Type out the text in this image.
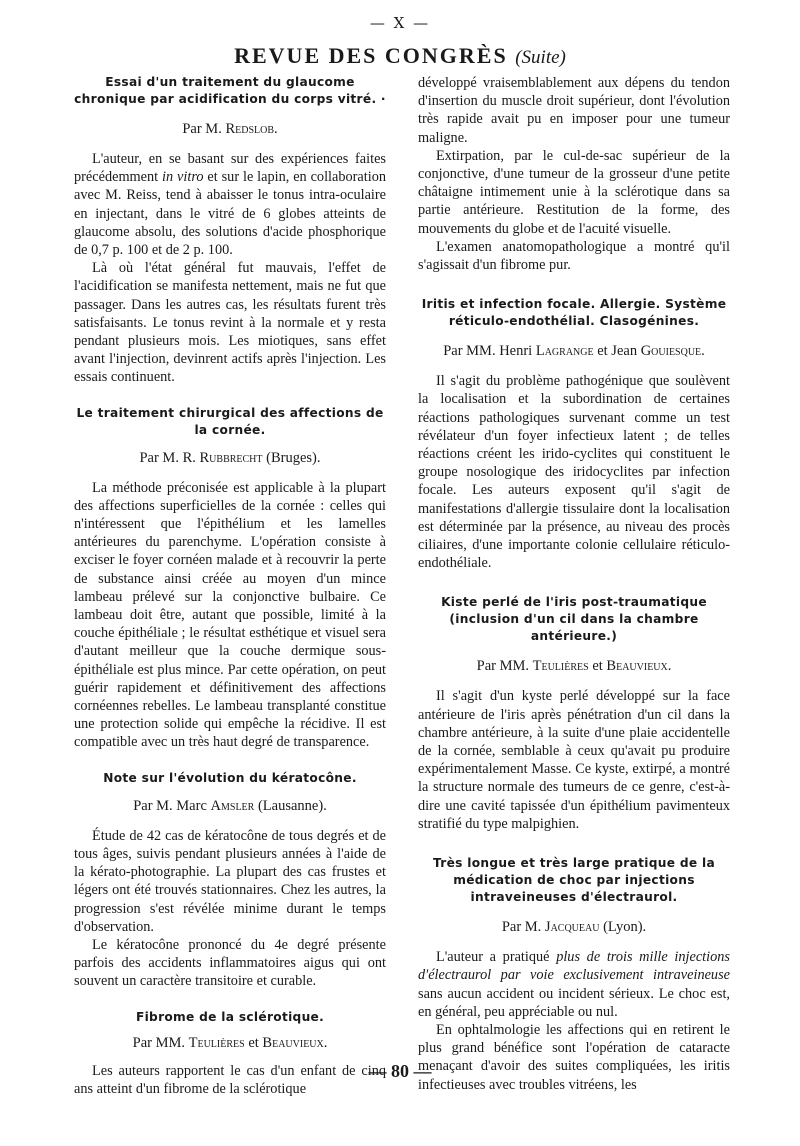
— X —
REVUE DES CONGRÈS (Suite)

Essai d'un traitement du glaucome chronique par acidification du corps vitré. ·

Par M. Redslob.

L'auteur, en se basant sur des expériences faites précédemment in vitro et sur le lapin, en collaboration avec M. Reiss, tend à abaisser le tonus intra-oculaire en injectant, dans le vitré de 6 globes atteints de glaucome absolu, des solutions d'acide phosphorique de 0,7 p. 100 et de 2 p. 100.

Là où l'état général fut mauvais, l'effet de l'acidification se manifesta nettement, mais ne fut que passager. Dans les autres cas, les résultats furent très satisfaisants. Le tonus revint à la normale et y resta pendant plusieurs mois. Les miotiques, sans effet avant l'injection, devinrent actifs après l'injection. Les essais continuent.

Le traitement chirurgical des affections de la cornée.

Par M. R. Rubbrecht (Bruges).

La méthode préconisée est applicable à la plupart des affections superficielles de la cornée : celles qui n'intéressent que l'épithélium et les lamelles antérieures du parenchyme. L'opération consiste à exciser le foyer cornéen malade et à recouvrir la perte de substance ainsi créée au moyen d'un mince lambeau prélevé sur la conjonctive bulbaire. Ce lambeau doit être, autant que possible, limité à la couche épithéliale ; le résultat esthétique et visuel sera d'autant meilleur que la couche dermique sous-épithéliale est plus mince. Par cette opération, on peut guérir rapidement et définitivement des affections cornéennes rebelles. Le lambeau transplanté constitue une protection solide qui empêche la récidive. Il est compatible avec un très haut degré de transparence.

Note sur l'évolution du kératocône.

Par M. Marc Amsler (Lausanne).

Étude de 42 cas de kératocône de tous degrés et de tous âges, suivis pendant plusieurs années à l'aide de la kérato-photographie. La plupart des cas frustes et légers ont été trouvés stationnaires. Chez les autres, la progression s'est révélée minime durant le temps d'observation.

Le kératocône prononcé du 4e degré présente parfois des accidents inflammatoires aigus qui ont souvent un caractère transitoire et curable.

Fibrome de la sclérotique.

Par MM. Teulières et Beauvieux.

Les auteurs rapportent le cas d'un enfant de cinq ans atteint d'un fibrome de la sclérotique

développé vraisemblablement aux dépens du tendon d'insertion du muscle droit supérieur, dont l'évolution très rapide avait pu en imposer pour une tumeur maligne.

Extirpation, par le cul-de-sac supérieur de la conjonctive, d'une tumeur de la grosseur d'une petite châtaigne intimement unie à la sclérotique dans sa partie antérieure. Restitution de la forme, des mouvements du globe et de l'acuité visuelle.

L'examen anatomopathologique a montré qu'il s'agissait d'un fibrome pur.

Iritis et infection focale. Allergie. Système réticulo-endothélial. Clasogénines.

Par MM. Henri Lagrange et Jean Gouiesque.

Il s'agit du problème pathogénique que soulèvent la localisation et la subordination de certaines réactions pathologiques survenant comme un test révélateur d'un foyer infectieux latent ; de telles réactions créent les irido-cyclites qui constituent le groupe nosologique des iridocyclites par infection focale. Les auteurs exposent qu'il s'agit de manifestations d'allergie tissulaire dont la localisation est déterminée par la présence, au niveau des procès ciliaires, d'une importante colonie cellulaire réticulo-endothéliale.

Kiste perlé de l'iris post-traumatique (inclusion d'un cil dans la chambre antérieure.)

Par MM. Teulières et Beauvieux.

Il s'agit d'un kyste perlé développé sur la face antérieure de l'iris après pénétration d'un cil dans la chambre antérieure, à la suite d'une plaie accidentelle de la cornée, semblable à ceux qu'avait pu produire expérimentalement Masse. Ce kyste, extirpé, a montré la structure normale des tumeurs de ce genre, c'est-à-dire une cavité tapissée d'un épithélium pavimenteux stratifié du type malpighien.

Très longue et très large pratique de la médication de choc par injections intraveineuses d'électraurol.

Par M. Jacqueau (Lyon).

L'auteur a pratiqué plus de trois mille injections d'électraurol par voie exclusivement intraveineuse sans aucun accident ou incident sérieux. Le choc est, en général, peu appréciable ou nul.

En ophtalmologie les affections qui en retirent le plus grand bénéfice sont l'opération de cataracte menaçant d'avoir des suites compliquées, les iritis infectieuses avec troubles vitréens, les

— 80 —
